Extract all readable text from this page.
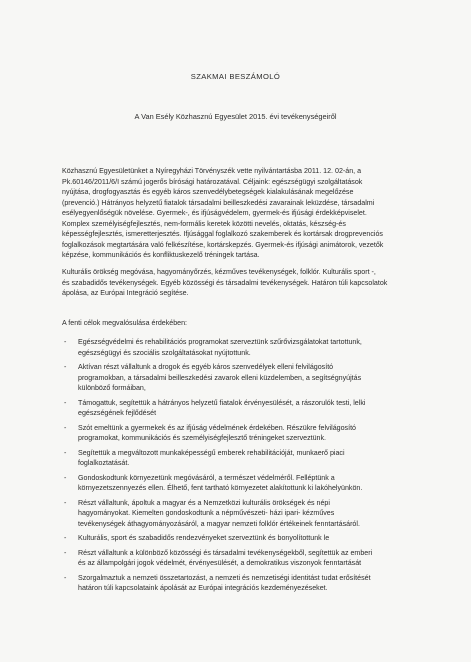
SZAKMAI BESZÁMOLÓ
A Van Esély Közhasznú Egyesület 2015. évi tevékenységeiről

Közhasznú Egyesületünket a Nyíregyházi Törvényszék vette nyilvántartásba 2011. 12. 02-án, a

Pk.60146/2011/6/I számú jogerős bírósági határozatával. Céljaink: egészségügyi szolgáltatások

nyújtása, drogfogyasztás és egyéb káros szenvedélybetegségek kialakulásának megelőzése

(prevenció.) Hátrányos helyzetű fiatalok társadalmi beilleszkedési zavarainak leküzdése, társadalmi

esélyegyenlőségük növelése. Gyermek-, és ifjúságvédelem, gyermek-és ifjúsági érdekképviselet.

Komplex személyiségfejlesztés, nem-formális keretek közötti nevelés, oktatás, készség-és

képességfejlesztés, ismeretterjesztés. Ifjúsággal foglalkozó szakemberek és kortársak drogprevenciós

foglalkozások megtartására való felkészítése, kortárskepzés. Gyermek-és ifjúsági animátorok, vezetők

képzése, kommunikációs és konfliktuskezelő tréningek tartása.

Kulturális örökség megóvása, hagyományőrzés, kézműves tevékenységek, folklór. Kulturális sport -,

és szabadidős tevékenységek. Egyéb közösségi és társadalmi tevékenységek. Határon túli kapcsolatok

ápolása, az Európai Integráció segítése.

A fenti célok megvalósulása érdekében:

- Egészségvédelmi és rehabilitációs programokat szerveztünk szűrővizsgálatokat tartottunk,
egészségügyi és szociális szolgáltatásokat nyújtottunk.
- Aktívan részt vállaltunk a drogok és egyéb káros szenvedélyek elleni felvilágosító
programokban, a társadalmi beilleszkedési zavarok elleni küzdelemben, a segítségnyújtás
különböző formáiban,
- Támogattuk, segítettük a hátrányos helyzetű fiatalok érvényesülését, a rászorulók testi, lelki
egészségének fejlődését
- Szót emeltünk a gyermekek és az ifjúság védelmének érdekében. Részükre felvilágosító
programokat, kommunikációs és személyiségfejlesztő tréningeket szerveztünk.
- Segítettük a megváltozott munkaképességű emberek rehabilitációját, munkaerő piaci
foglalkoztatását.
- Gondoskodtunk környezetünk megóvásáról, a természet védelméről. Felléptünk a
környezetszennyezés ellen. Élhető, fent tartható környezetet alakítottunk ki lakóhelyünkön.
- Részt vállaltunk, ápoltuk a magyar és a Nemzetközi kulturális örökségek és népi
hagyományokat. Kiemelten gondoskodtunk a népművészeti- házi ipari- kézműves
tevékenységek áthagyományozásáról, a magyar nemzeti folklór értékeinek fenntartásáról.
- Kulturális, sport és szabadidős rendezvényeket szerveztünk és bonyolítottunk le
- Részt vállaltunk a különböző közösségi és társadalmi tevékenységekből, segítettük az emberi
és az állampolgári jogok védelmét, érvényesülését, a demokratikus viszonyok fenntartását
- Szorgalmaztuk a nemzeti összetartozást, a nemzeti és nemzetiségi identitást tudat erősítését
határon túli kapcsolataink ápolását az Európai integrációs kezdeményezéseket.
